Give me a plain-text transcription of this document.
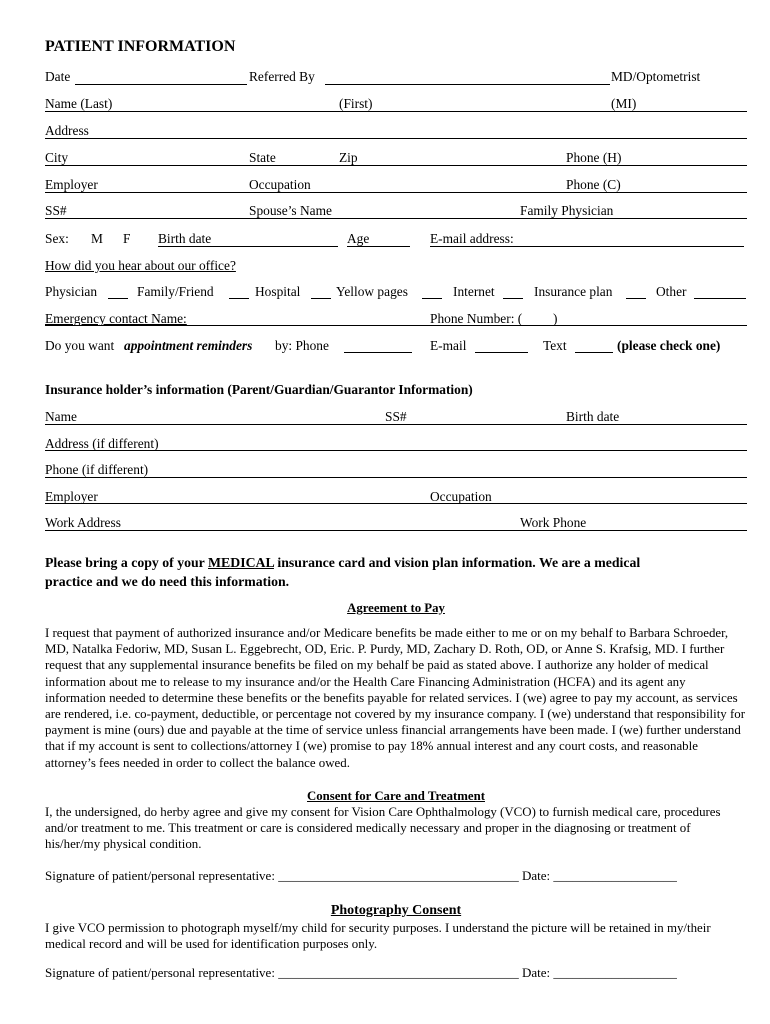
PATIENT INFORMATION
Date	Referred By	MD/Optometrist
Name (Last)	(First)	(MI)
Address
City	State	Zip	Phone (H)
Employer	Occupation	Phone (C)
SS#	Spouse’s Name	Family Physician
Sex: M F Birth date	Age	E-mail address:
How did you hear about our office?
Physician	Family/Friend	Hospital	Yellow pages	Internet	Insurance plan	Other
Emergency contact Name:	Phone Number: ( )
Do you want appointment reminders by: Phone	E-mail	Text	(please check one)
Insurance holder’s information (Parent/Guardian/Guarantor Information)
Name	SS#	Birth date
Address (if different)
Phone (if different)
Employer	Occupation
Work Address	Work Phone
Please bring a copy of your MEDICAL insurance card and vision plan information. We are a medical
practice and we do need this information.
Agreement to Pay
I request that payment of authorized insurance and/or Medicare benefits be made either to me or on my behalf to Barbara Schroeder, MD, Natalka Fedoriw, MD, Susan L. Eggebrecht, OD, Eric. P. Purdy, MD, Zachary D. Roth, OD, or Anne S. Krafsig, MD. I further request that any supplemental insurance benefits be filed on my behalf be paid as stated above. I authorize any holder of medical information about me to release to my insurance and/or the Health Care Financing Administration (HCFA) and its agent any information needed to determine these benefits or the benefits payable for related services. I (we) agree to pay my account, as services are rendered, i.e. co-payment, deductible, or percentage not covered by my insurance company. I (we) understand that responsibility for payment is mine (ours) due and payable at the time of service unless financial arrangements have been made. I (we) further understand that if my account is sent to collections/attorney I (we) promise to pay 18% annual interest and any court costs, and reasonable attorney’s fees needed in order to collect the balance owed.
Consent for Care and Treatment
I, the undersigned, do herby agree and give my consent for Vision Care Ophthalmology (VCO) to furnish medical care, procedures and/or treatment to me. This treatment or care is considered medically necessary and proper in the diagnosing or treatment of his/her/my physical condition.
Signature of patient/personal representative: _____________________________________ Date: ___________________
Photography Consent
I give VCO permission to photograph myself/my child for security purposes. I understand the picture will be retained in my/their medical record and will be used for identification purposes only.
Signature of patient/personal representative: _____________________________________ Date: ___________________
